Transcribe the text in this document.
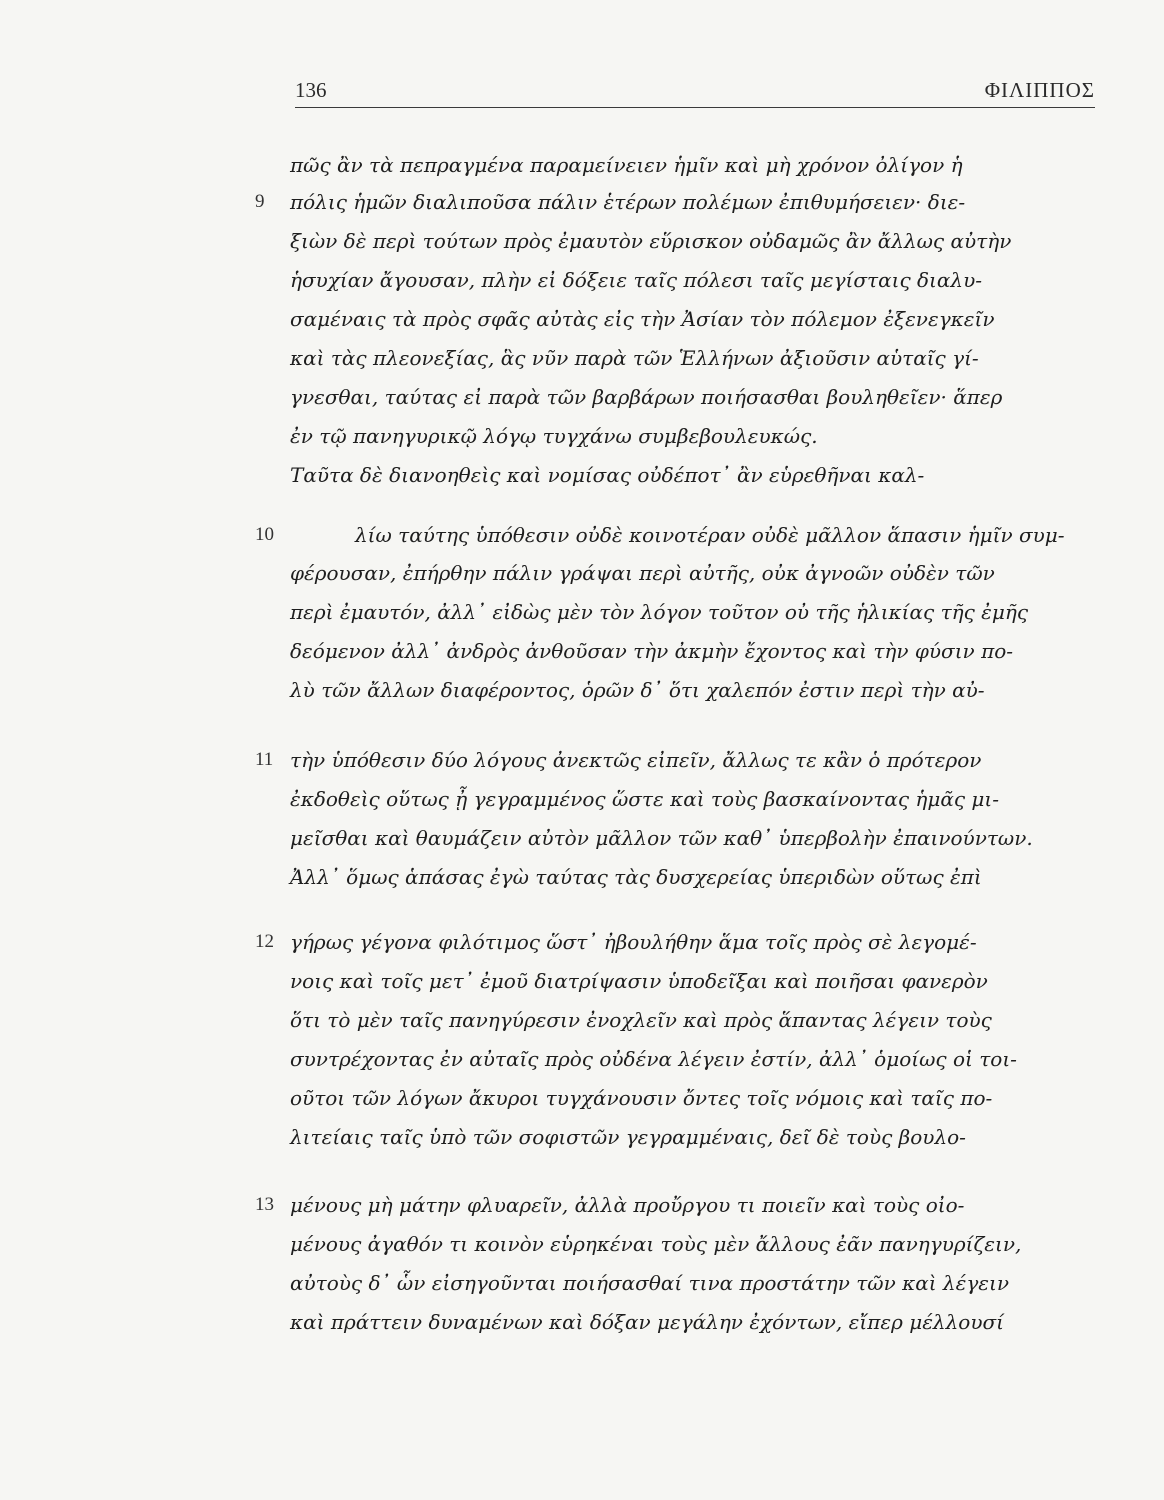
136	ΦΙΛΙΠΠΟΣ
9
10
11
12
13
πῶς ἂν τὰ πεπραγμένα παραμείνειεν ἡμῖν καὶ μὴ χρόνον ὀλίγον ἡ
πόλις ἡμῶν διαλιποῦσα πάλιν ἑτέρων πολέμων ἐπιθυμήσειεν· διε-
ξιὼν δὲ περὶ τούτων πρὸς ἐμαυτὸν εὕρισκον οὐδαμῶς ἂν ἄλλως αὐτὴν
ἡσυχίαν ἄγουσαν, πλὴν εἰ δόξειε ταῖς πόλεσι ταῖς μεγίσταις διαλυ-
σαμέναις τὰ πρὸς σφᾶς αὐτὰς εἰς τὴν Ἀσίαν τὸν πόλεμον ἐξενεγκεῖν
καὶ τὰς πλεονεξίας, ἃς νῦν παρὰ τῶν Ἑλλήνων ἀξιοῦσιν αὑταῖς γί-
γνεσθαι, ταύτας εἰ παρὰ τῶν βαρβάρων ποιήσασθαι βουληθεῖεν· ἅπερ
ἐν τῷ πανηγυρικῷ λόγῳ τυγχάνω συμβεβουλευκώς.
Ταῦτα δὲ διανοηθεὶς καὶ νομίσας οὐδέποτ᾽ ἂν εὑρεθῆναι καλ-
λίω ταύτης ὑπόθεσιν οὐδὲ κοινοτέραν οὐδὲ μᾶλλον ἅπασιν ἡμῖν συμ-
φέρουσαν, ἐπήρθην πάλιν γράψαι περὶ αὐτῆς, οὐκ ἀγνοῶν οὐδὲν τῶν
περὶ ἐμαυτόν, ἀλλ᾽ εἰδὼς μὲν τὸν λόγον τοῦτον οὐ τῆς ἡλικίας τῆς ἐμῆς
δεόμενον ἀλλ᾽ ἀνδρὸς ἀνθοῦσαν τὴν ἀκμὴν ἔχοντος καὶ τὴν φύσιν πο-
λὺ τῶν ἄλλων διαφέροντος, ὁρῶν δ᾽ ὅτι χαλεπόν ἐστιν περὶ τὴν αὐ-
τὴν ὑπόθεσιν δύο λόγους ἀνεκτῶς εἰπεῖν, ἄλλως τε κἂν ὁ πρότερον
ἐκδοθεὶς οὕτως ᾖ γεγραμμένος ὥστε καὶ τοὺς βασκαίνοντας ἡμᾶς μι-
μεῖσθαι καὶ θαυμάζειν αὐτὸν μᾶλλον τῶν καθ᾽ ὑπερβολὴν ἐπαινούντων.
Ἀλλ᾽ ὅμως ἁπάσας ἐγὼ ταύτας τὰς δυσχερείας ὑπεριδὼν οὕτως ἐπὶ
γήρως γέγονα φιλότιμος ὥστ᾽ ἠβουλήθην ἅμα τοῖς πρὸς σὲ λεγομέ-
νοις καὶ τοῖς μετ᾽ ἐμοῦ διατρίψασιν ὑποδεῖξαι καὶ ποιῆσαι φανερὸν
ὅτι τὸ μὲν ταῖς πανηγύρεσιν ἐνοχλεῖν καὶ πρὸς ἅπαντας λέγειν τοὺς
συντρέχοντας ἐν αὐταῖς πρὸς οὐδένα λέγειν ἐστίν, ἀλλ᾽ ὁμοίως οἱ τοι-
οῦτοι τῶν λόγων ἄκυροι τυγχάνουσιν ὄντες τοῖς νόμοις καὶ ταῖς πο-
λιτείαις ταῖς ὑπὸ τῶν σοφιστῶν γεγραμμέναις, δεῖ δὲ τοὺς βουλο-
μένους μὴ μάτην φλυαρεῖν, ἀλλὰ προὔργου τι ποιεῖν καὶ τοὺς οἰο-
μένους ἀγαθόν τι κοινὸν εὑρηκέναι τοὺς μὲν ἄλλους ἐᾶν πανηγυρίζειν,
αὐτοὺς δ᾽ ὧν εἰσηγοῦνται ποιήσασθαί τινα προστάτην τῶν καὶ λέγειν
καὶ πράττειν δυναμένων καὶ δόξαν μεγάλην ἐχόντων, εἴπερ μέλλουσί
